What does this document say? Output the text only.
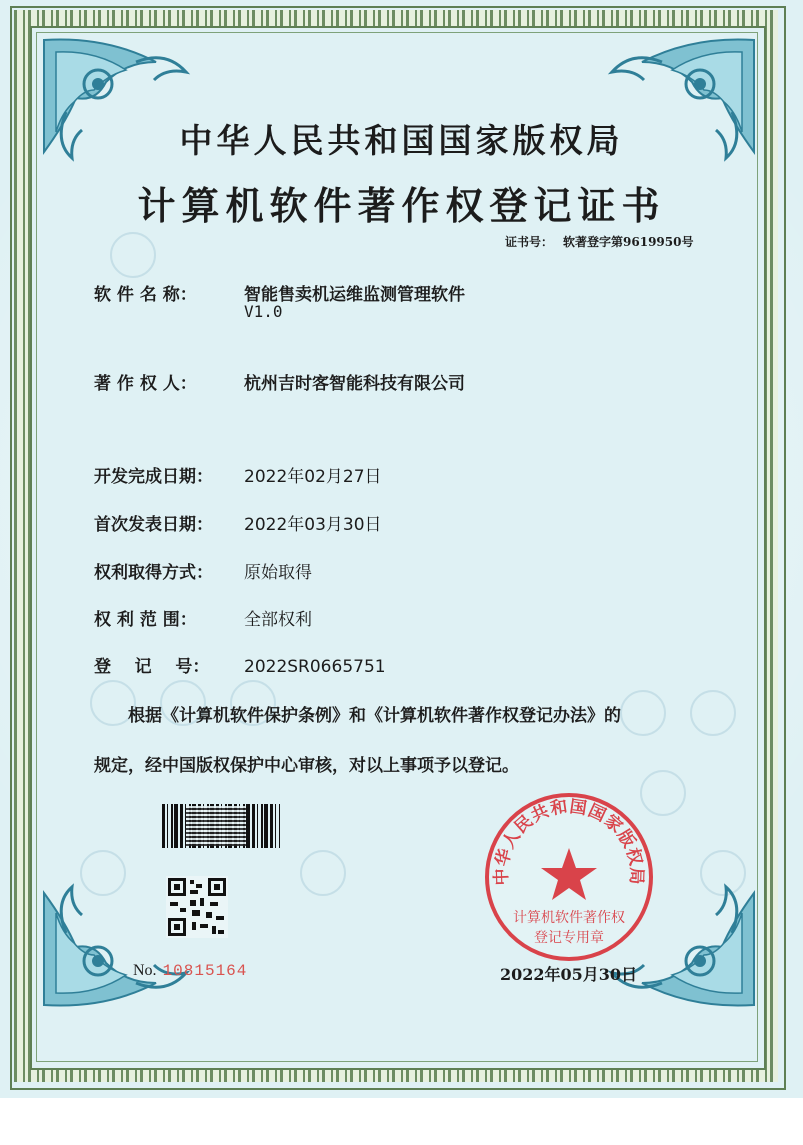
中华人民共和国国家版权局
计算机软件著作权登记证书
证书号： 软著登字第9619950号
软 件 名 称：	智能售卖机运维监测管理软件
V1.0
著 作 权 人：	杭州吉时客智能科技有限公司
开发完成日期： 2022年02月27日
首次发表日期： 2022年03月30日
权利取得方式： 原始取得
权 利 范 围：	全部权利
登    记    号： 2022SR0665751
根据《计算机软件保护条例》和《计算机软件著作权登记办法》的
规定，经中国版权保护中心审核，对以上事项予以登记。
No. 10815164
中华人民共和国国家版权局
计算机软件著作权
登记专用章
2022年05月30日
